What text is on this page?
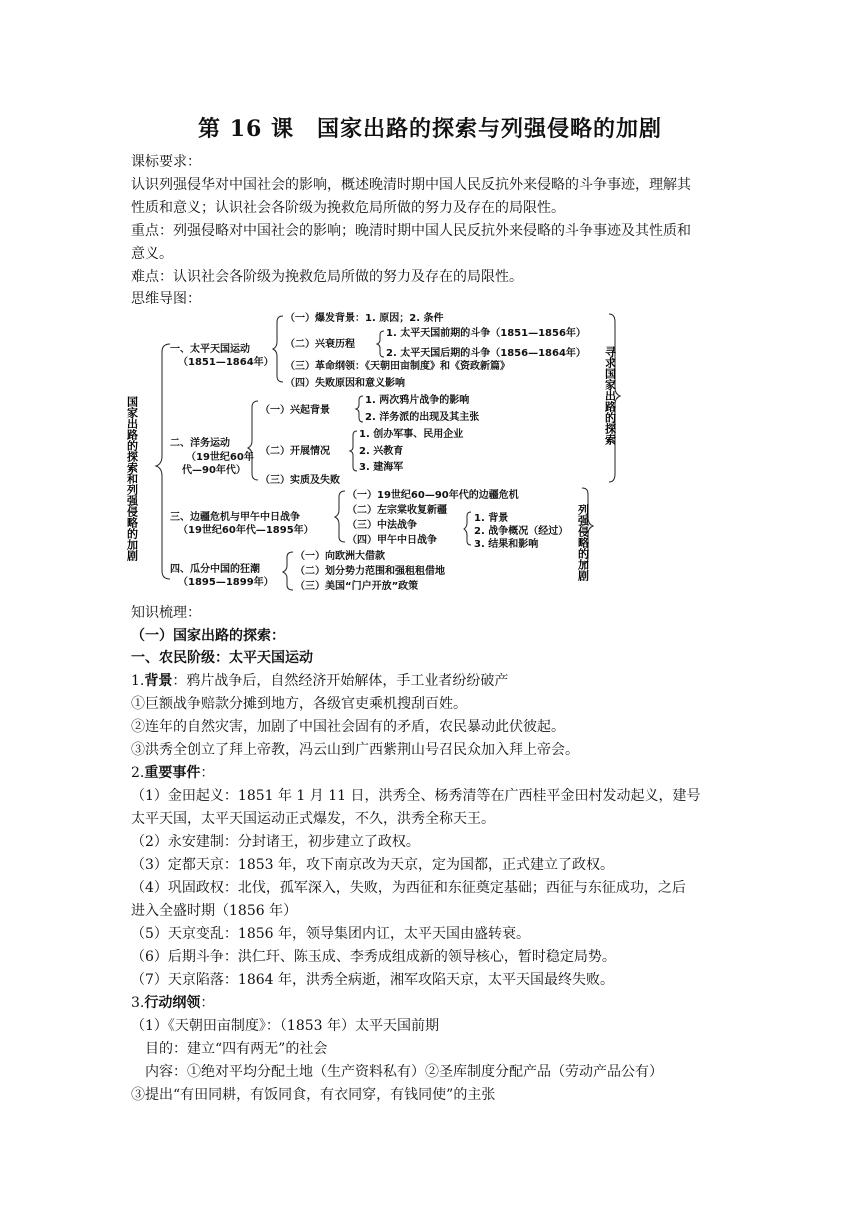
第 16 课　国家出路的探索与列强侵略的加剧
课标要求：
认识列强侵华对中国社会的影响，概述晚清时期中国人民反抗外来侵略的斗争事迹，理解其
性质和意义；认识社会各阶级为挽救危局所做的努力及存在的局限性。
重点：列强侵略对中国社会的影响；晚清时期中国人民反抗外来侵略的斗争事迹及其性质和
意义。
难点：认识社会各阶级为挽救危局所做的努力及存在的局限性。
思维导图：
国家出路的探索和列强侵略的加剧
寻求国家出路的探索
列强侵略的加剧
一、太平天国运动
（1851—1864年）
（一）爆发背景：1. 原因；2. 条件
（二）兴衰历程
1. 太平天国前期的斗争（1851—1856年）
2. 太平天国后期的斗争（1856—1864年）
（三）革命纲领：《天朝田亩制度》和《资政新篇》
（四）失败原因和意义影响
二、洋务运动
（19世纪60年
代—90年代）
（一）兴起背景
1. 两次鸦片战争的影响
2. 洋务派的出现及其主张
（二）开展情况
1. 创办军事、民用企业
2. 兴教育
3. 建海军
（三）实质及失败
三、边疆危机与甲午中日战争
（19世纪60年代—1895年）
（一）19世纪60—90年代的边疆危机
（二）左宗棠收复新疆
（三）中法战争
（四）甲午中日战争
1. 背景
2. 战争概况（经过）
3. 结果和影响
四、瓜分中国的狂潮
（1895—1899年）
（一）向欧洲大借款
（二）划分势力范围和强租租借地
（三）美国“门户开放”政策
知识梳理：
（一）国家出路的探索：
一、农民阶级：太平天国运动
1.背景：鸦片战争后，自然经济开始解体，手工业者纷纷破产
①巨额战争赔款分摊到地方，各级官吏乘机搜刮百姓。
②连年的自然灾害，加剧了中国社会固有的矛盾，农民暴动此伏彼起。
③洪秀全创立了拜上帝教，冯云山到广西紫荆山号召民众加入拜上帝会。
2.重要事件：
（1）金田起义：1851 年 1 月 11 日，洪秀全、杨秀清等在广西桂平金田村发动起义，建号
太平天国，太平天国运动正式爆发，不久，洪秀全称天王。
（2）永安建制：分封诸王，初步建立了政权。
（3）定都天京：1853 年，攻下南京改为天京，定为国都，正式建立了政权。
（4）巩固政权：北伐，孤军深入，失败，为西征和东征奠定基础；西征与东征成功，之后
进入全盛时期（1856 年）
（5）天京变乱：1856 年，领导集团内讧，太平天国由盛转衰。
（6）后期斗争：洪仁玕、陈玉成、李秀成组成新的领导核心，暂时稳定局势。
（7）天京陷落：1864 年，洪秀全病逝，湘军攻陷天京，太平天国最终失败。
3.行动纲领：
（1）《天朝田亩制度》：（1853 年）太平天国前期
目的：建立“四有两无”的社会
内容：①绝对平均分配土地（生产资料私有）②圣库制度分配产品（劳动产品公有）
③提出“有田同耕，有饭同食，有衣同穿，有钱同使”的主张
